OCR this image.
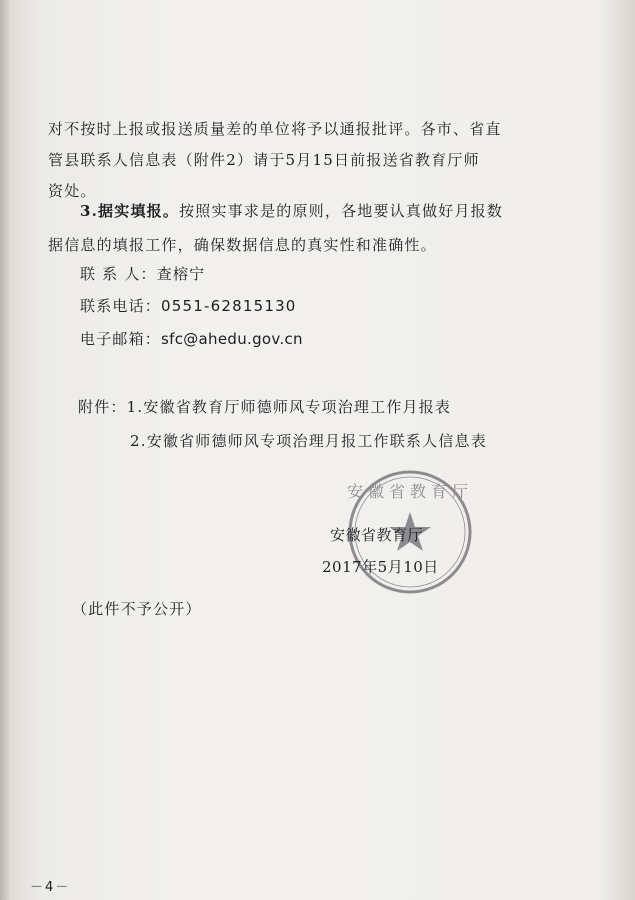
对不按时上报或报送质量差的单位将予以通报批评。各市、省直
管县联系人信息表（附件2）请于5月15日前报送省教育厅师
资处。
3.据实填报。按照实事求是的原则，各地要认真做好月报数
据信息的填报工作，确保数据信息的真实性和准确性。
联 系 人：查榕宁
联系电话：0551-62815130
电子邮箱：sfc@ahedu.gov.cn
附件：1.安徽省教育厅师德师风专项治理工作月报表
2.安徽省师德师风专项治理月报工作联系人信息表
安徽省教育厅
安徽省教育厅
2017年5月10日
（此件不予公开）
－4－
